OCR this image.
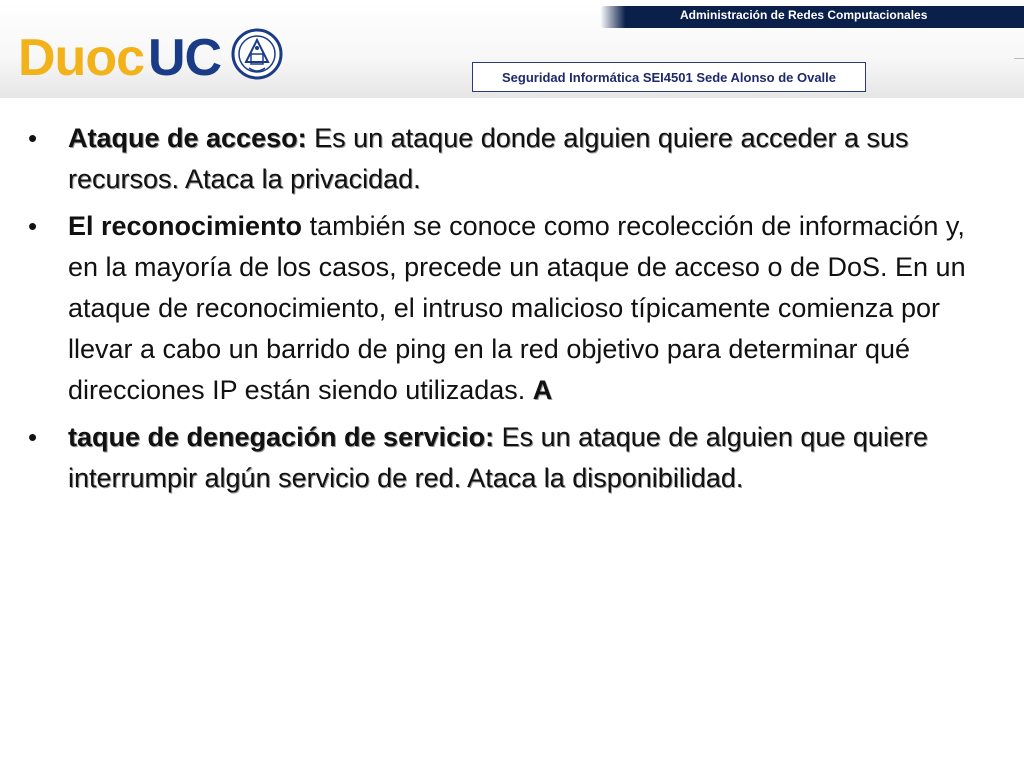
Administración de Redes Computacionales
Duoc UC	Seguridad Informática SEI4501 Sede Alonso de Ovalle
•	Ataque de acceso: Es un ataque donde alguien quiere acceder a sus recursos. Ataca la privacidad.
•	El reconocimiento también se conoce como recolección de información y, en la mayoría de los casos, precede un ataque de acceso o de DoS. En un ataque de reconocimiento, el intruso malicioso típicamente comienza por llevar a cabo un barrido de ping en la red objetivo para determinar qué direcciones IP están siendo utilizadas. A
•	taque de denegación de servicio: Es un ataque de alguien que quiere interrumpir algún servicio de red. Ataca la disponibilidad.
